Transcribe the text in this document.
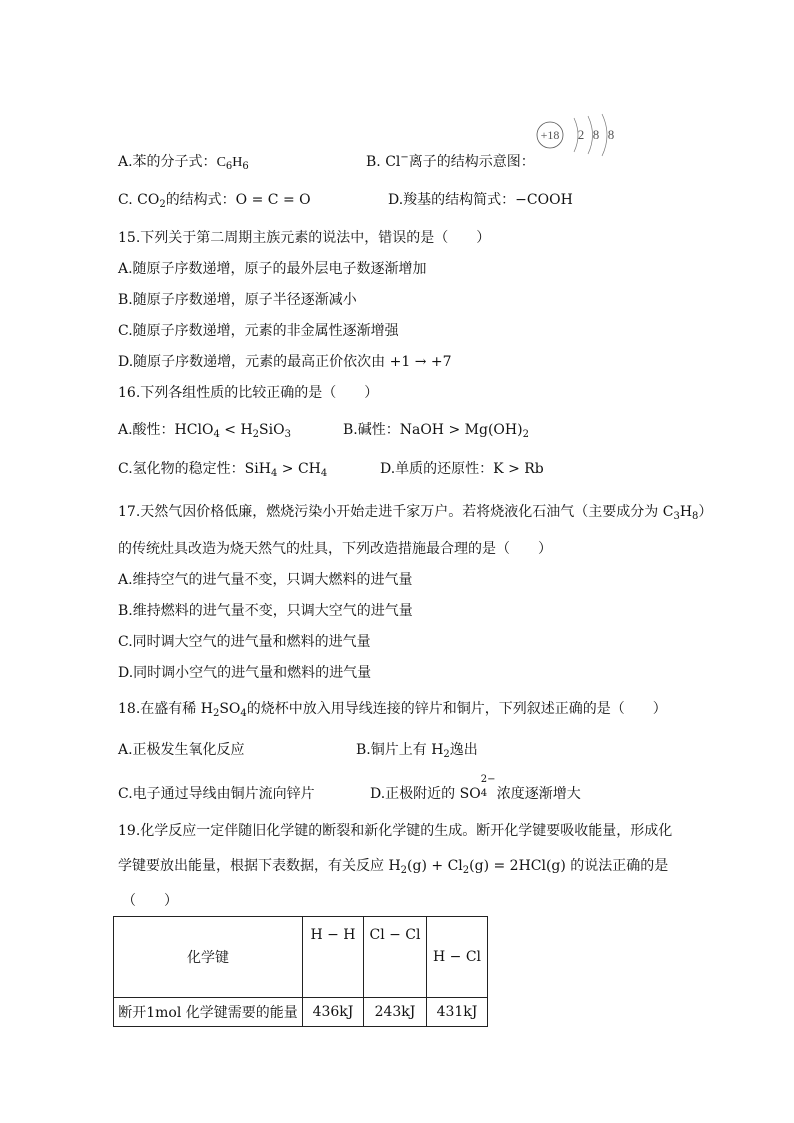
+18 2 8 8
A.苯的分子式：$C_6H_6$	B. Cl−离子的结构示意图：
C. $CO_2$的结构式：O = C = O	D.羧基的结构简式：−COOH
15.下列关于第二周期主族元素的说法中，错误的是（　　）
A.随原子序数递增，原子的最外层电子数逐渐增加
B.随原子序数递增，原子半径逐渐减小
C.随原子序数递增，元素的非金属性逐渐增强
D.随原子序数递增，元素的最高正价依次由 +1 → +7
16.下列各组性质的比较正确的是（　　）
A.酸性：HClO$_4$ < $H_2SiO_3$	B.碱性：NaOH > $Mg(OH)_2$
C.氢化物的稳定性：$SiH_4 > CH_4$	D.单质的还原性：K > Rb
17.天然气因价格低廉，燃烧污染小开始走进千家万户。若将烧液化石油气（主要成分为 $C_3H_8$）
的传统灶具改造为烧天然气的灶具，下列改造措施最合理的是（　　）
A.维持空气的进气量不变，只调大燃料的进气量
B.维持燃料的进气量不变，只调大空气的进气量
C.同时调大空气的进气量和燃料的进气量
D.同时调小空气的进气量和燃料的进气量
18.在盛有稀 $H_2SO_4$的烧杯中放入用导线连接的锌片和铜片，下列叙述正确的是（　　）
A.正极发生氧化反应	B.铜片上有 $H_2$逸出
C.电子通过导线由铜片流向锌片	D.正极附近的 SO
2−
4 浓度逐渐增大
19.化学反应一定伴随旧化学键的断裂和新化学键的生成。断开化学键要吸收能量，形成化
学键要放出能量，根据下表数据，有关反应 $H_2(g) + Cl_2(g) = 2HCl(g)$ 的说法正确的是
（　　）
化学键	H − H	Cl − Cl	H − Cl
断开1mol 化学键需要的能量	436kJ	243kJ	431kJ
